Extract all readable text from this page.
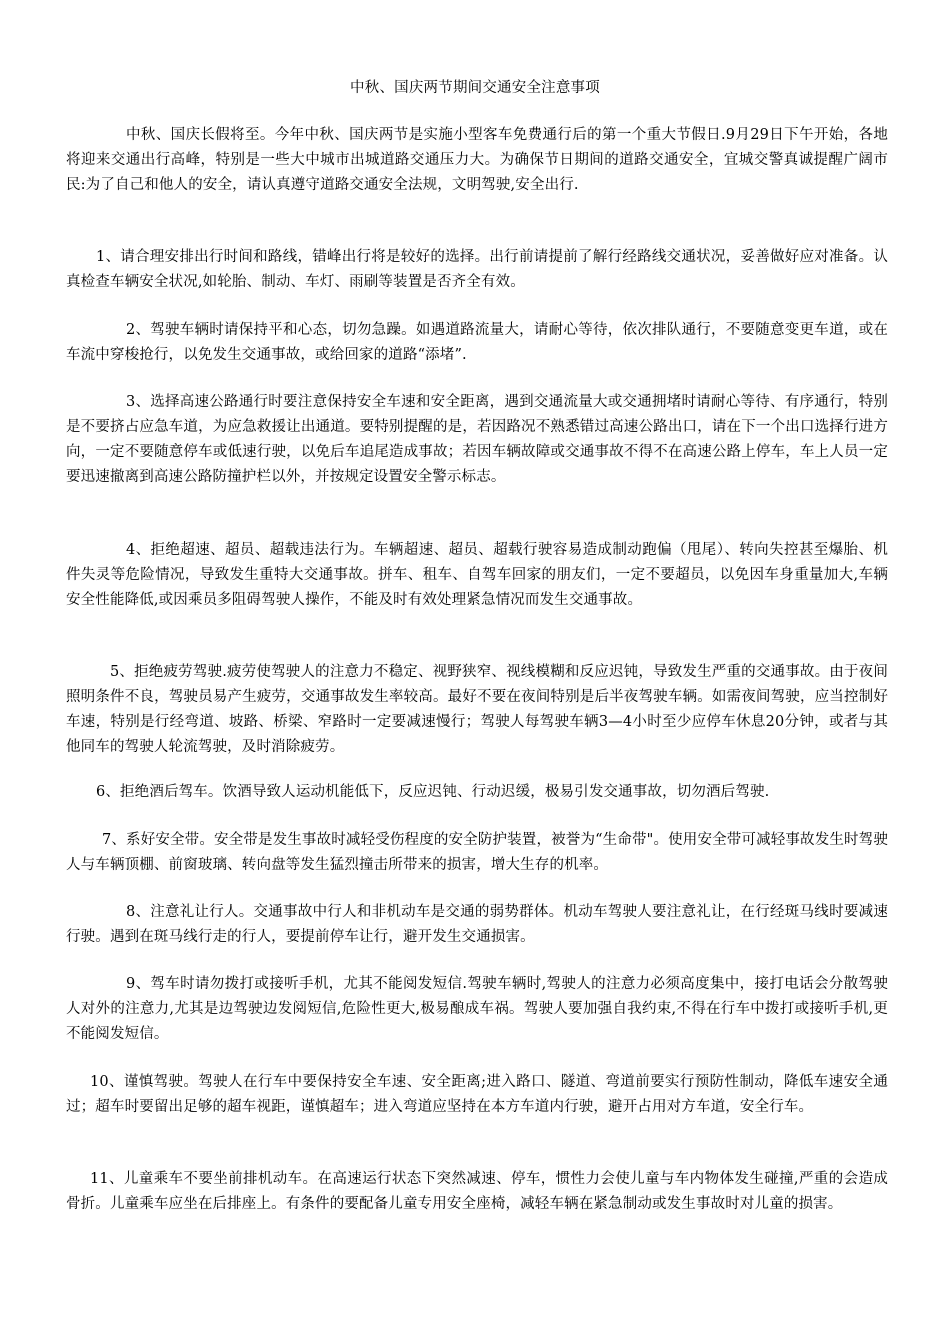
中秋、国庆两节期间交通安全注意事项
中秋、国庆长假将至。今年中秋、国庆两节是实施小型客车免费通行后的第一个重大节假日.9月29日下午开始，各地将迎来交通出行高峰，特别是一些大中城市出城道路交通压力大。为确保节日期间的道路交通安全，宜城交警真诚提醒广阔市民:为了自己和他人的安全，请认真遵守道路交通安全法规，文明驾驶,安全出行.
1、请合理安排出行时间和路线，错峰出行将是较好的选择。出行前请提前了解行经路线交通状况，妥善做好应对准备。认真检查车辆安全状况,如轮胎、制动、车灯、雨刷等装置是否齐全有效。
2、驾驶车辆时请保持平和心态，切勿急躁。如遇道路流量大，请耐心等待，依次排队通行，不要随意变更车道，或在车流中穿梭抢行，以免发生交通事故，或给回家的道路“添堵”.
3、选择高速公路通行时要注意保持安全车速和安全距离，遇到交通流量大或交通拥堵时请耐心等待、有序通行，特别是不要挤占应急车道，为应急救援让出通道。要特别提醒的是，若因路况不熟悉错过高速公路出口，请在下一个出口选择行进方向，一定不要随意停车或低速行驶，以免后车追尾造成事故；若因车辆故障或交通事故不得不在高速公路上停车，车上人员一定要迅速撤离到高速公路防撞护栏以外，并按规定设置安全警示标志。
4、拒绝超速、超员、超载违法行为。车辆超速、超员、超载行驶容易造成制动跑偏（甩尾）、转向失控甚至爆胎、机件失灵等危险情况，导致发生重特大交通事故。拼车、租车、自驾车回家的朋友们，一定不要超员，以免因车身重量加大,车辆安全性能降低,或因乘员多阻碍驾驶人操作，不能及时有效处理紧急情况而发生交通事故。
5、拒绝疲劳驾驶.疲劳使驾驶人的注意力不稳定、视野狭窄、视线模糊和反应迟钝，导致发生严重的交通事故。由于夜间照明条件不良，驾驶员易产生疲劳，交通事故发生率较高。最好不要在夜间特别是后半夜驾驶车辆。如需夜间驾驶，应当控制好车速，特别是行经弯道、坡路、桥梁、窄路时一定要减速慢行；驾驶人每驾驶车辆3—4小时至少应停车休息20分钟，或者与其他同车的驾驶人轮流驾驶，及时消除疲劳。
6、拒绝酒后驾车。饮酒导致人运动机能低下，反应迟钝、行动迟缓，极易引发交通事故，切勿酒后驾驶.
7、系好安全带。安全带是发生事故时减轻受伤程度的安全防护装置，被誉为“生命带"。使用安全带可减轻事故发生时驾驶人与车辆顶棚、前窗玻璃、转向盘等发生猛烈撞击所带来的损害，增大生存的机率。
8、注意礼让行人。交通事故中行人和非机动车是交通的弱势群体。机动车驾驶人要注意礼让，在行经斑马线时要减速行驶。遇到在斑马线行走的行人，要提前停车让行，避开发生交通损害。
9、驾车时请勿拨打或接听手机，尤其不能阅发短信.驾驶车辆时,驾驶人的注意力必须高度集中，接打电话会分散驾驶人对外的注意力,尤其是边驾驶边发阅短信,危险性更大,极易酿成车祸。驾驶人要加强自我约束,不得在行车中拨打或接听手机,更不能阅发短信。
10、谨慎驾驶。驾驶人在行车中要保持安全车速、安全距离;进入路口、隧道、弯道前要实行预防性制动，降低车速安全通过；超车时要留出足够的超车视距，谨慎超车；进入弯道应坚持在本方车道内行驶，避开占用对方车道，安全行车。
11、儿童乘车不要坐前排机动车。在高速运行状态下突然减速、停车，惯性力会使儿童与车内物体发生碰撞,严重的会造成骨折。儿童乘车应坐在后排座上。有条件的要配备儿童专用安全座椅，减轻车辆在紧急制动或发生事故时对儿童的损害。
